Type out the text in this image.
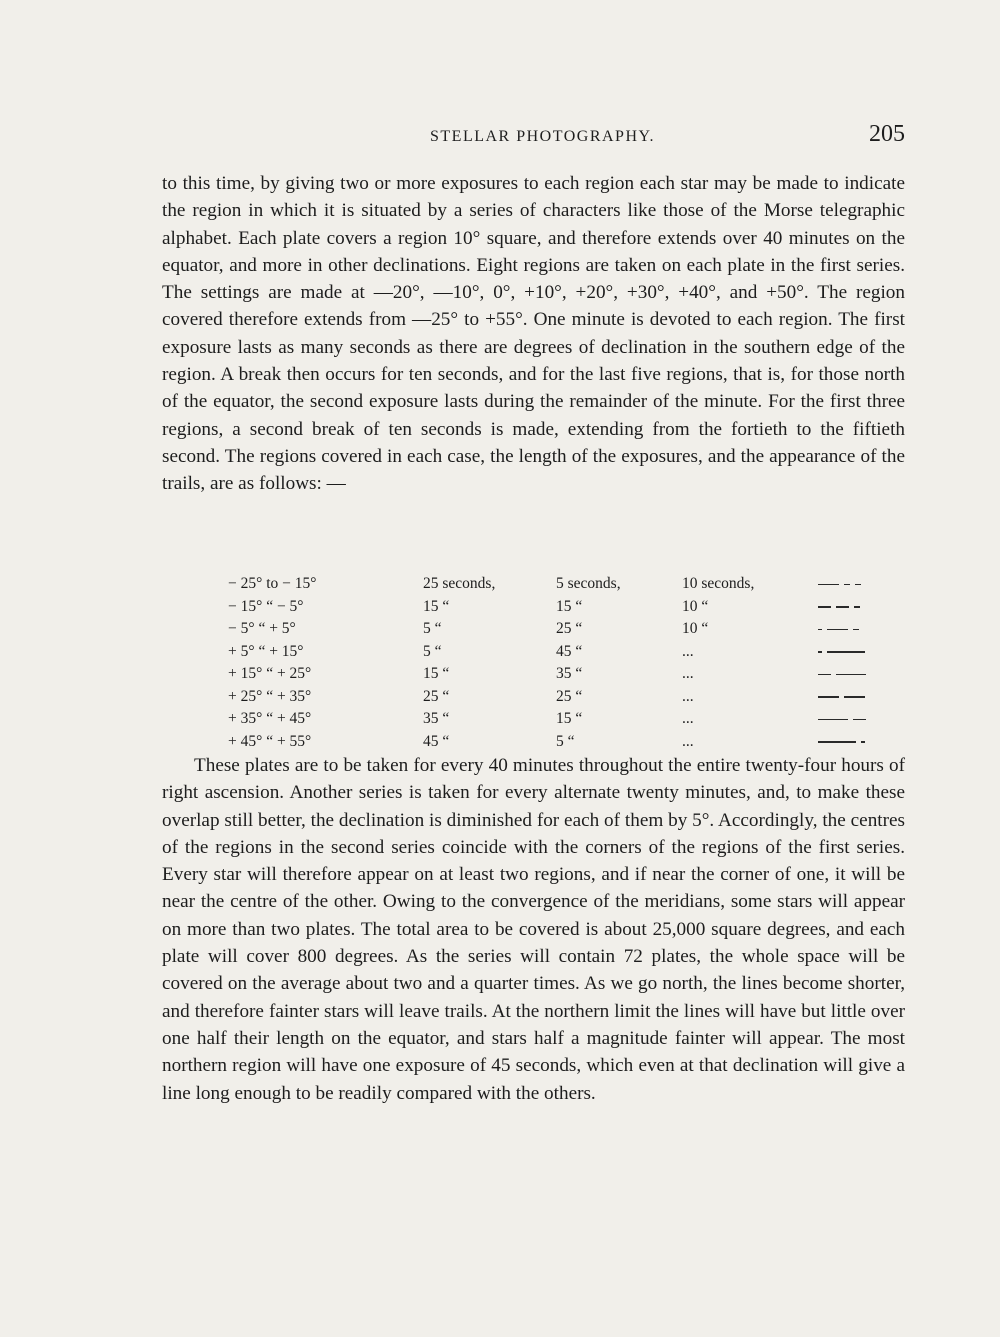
STELLAR PHOTOGRAPHY.	205

to this time, by giving two or more exposures to each region each star may be made to indicate the region in which it is situated by a series of characters like those of the Morse telegraphic alphabet. Each plate covers a region 10° square, and therefore extends over 40 minutes on the equator, and more in other declinations. Eight regions are taken on each plate in the first series. The settings are made at —20°, —10°, 0°, +10°, +20°, +30°, +40°, and +50°. The region covered therefore extends from —25° to +55°. One minute is devoted to each region. The first exposure lasts as many seconds as there are degrees of declination in the southern edge of the region. A break then occurs for ten seconds, and for the last five regions, that is, for those north of the equator, the second exposure lasts during the remainder of the minute. For the first three regions, a second break of ten seconds is made, extending from the fortieth to the fiftieth second. The regions covered in each case, the length of the exposures, and the appearance of the trails, are as follows: —

− 25° to − 15°	25 seconds,	5 seconds,	10 seconds,	

− 15° “ − 5°	15 “	15 “	10 “	

− 5° “ + 5°	5 “	25 “	10 “	

+ 5° “ + 15°	5 “	45 “	...	

+ 15° “ + 25°	15 “	35 “	...	

+ 25° “ + 35°	25 “	25 “	...	

+ 35° “ + 45°	35 “	15 “	...	

+ 45° “ + 55°	45 “	5 “	...	

These plates are to be taken for every 40 minutes throughout the entire twenty-four hours of right ascension. Another series is taken for every alternate twenty minutes, and, to make these overlap still better, the declination is diminished for each of them by 5°. Accordingly, the centres of the regions in the second series coincide with the corners of the regions of the first series. Every star will therefore appear on at least two regions, and if near the corner of one, it will be near the centre of the other. Owing to the convergence of the meridians, some stars will appear on more than two plates. The total area to be covered is about 25,000 square degrees, and each plate will cover 800 degrees. As the series will contain 72 plates, the whole space will be covered on the average about two and a quarter times. As we go north, the lines become shorter, and therefore fainter stars will leave trails. At the northern limit the lines will have but little over one half their length on the equator, and stars half a magnitude fainter will appear. The most northern region will have one exposure of 45 seconds, which even at that declination will give a line long enough to be readily compared with the others.
